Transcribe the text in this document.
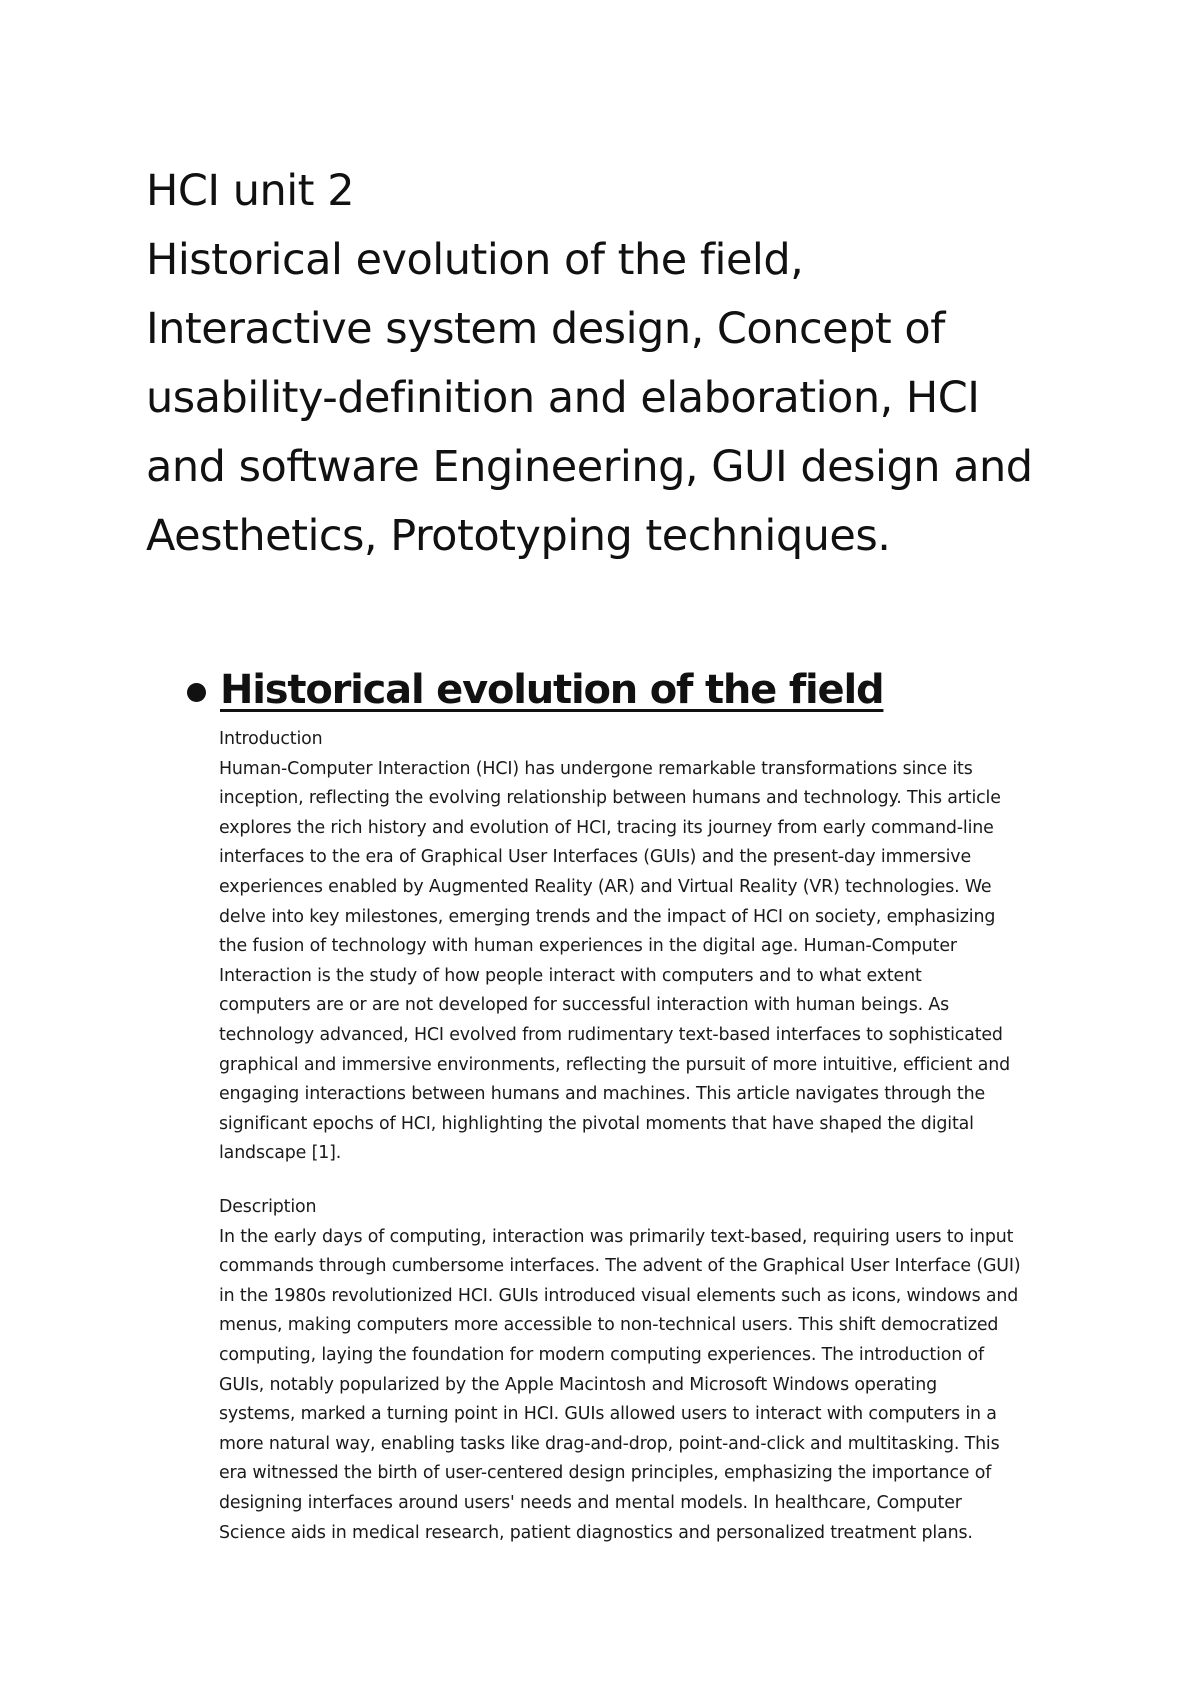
HCI unit 2
Historical evolution of the field,
Interactive system design, Concept of
usability-definition and elaboration, HCI
and software Engineering, GUI design and
Aesthetics, Prototyping techniques.
Historical evolution of the field
Introduction
Human-Computer Interaction (HCI) has undergone remarkable transformations since its
inception, reflecting the evolving relationship between humans and technology. This article
explores the rich history and evolution of HCI, tracing its journey from early command-line
interfaces to the era of Graphical User Interfaces (GUIs) and the present-day immersive
experiences enabled by Augmented Reality (AR) and Virtual Reality (VR) technologies. We
delve into key milestones, emerging trends and the impact of HCI on society, emphasizing
the fusion of technology with human experiences in the digital age. Human-Computer
Interaction is the study of how people interact with computers and to what extent
computers are or are not developed for successful interaction with human beings. As
technology advanced, HCI evolved from rudimentary text-based interfaces to sophisticated
graphical and immersive environments, reflecting the pursuit of more intuitive, efficient and
engaging interactions between humans and machines. This article navigates through the
significant epochs of HCI, highlighting the pivotal moments that have shaped the digital
landscape [1].
Description
In the early days of computing, interaction was primarily text-based, requiring users to input
commands through cumbersome interfaces. The advent of the Graphical User Interface (GUI)
in the 1980s revolutionized HCI. GUIs introduced visual elements such as icons, windows and
menus, making computers more accessible to non-technical users. This shift democratized
computing, laying the foundation for modern computing experiences. The introduction of
GUIs, notably popularized by the Apple Macintosh and Microsoft Windows operating
systems, marked a turning point in HCI. GUIs allowed users to interact with computers in a
more natural way, enabling tasks like drag-and-drop, point-and-click and multitasking. This
era witnessed the birth of user-centered design principles, emphasizing the importance of
designing interfaces around users' needs and mental models. In healthcare, Computer
Science aids in medical research, patient diagnostics and personalized treatment plans.
